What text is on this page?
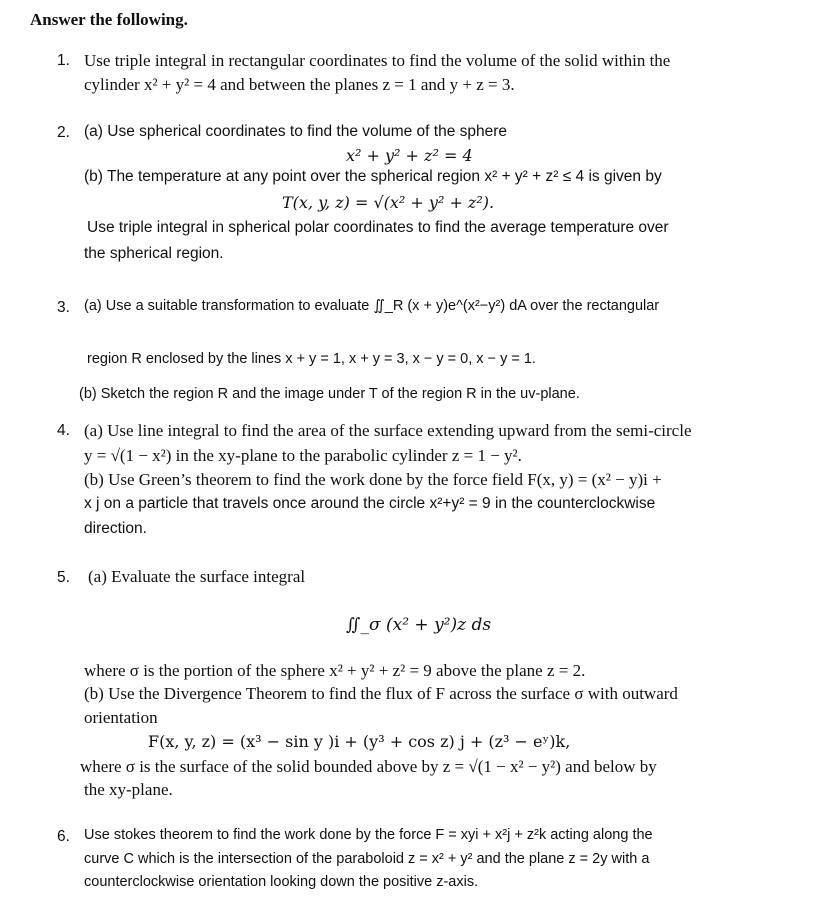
Answer the following.
1. Use triple integral in rectangular coordinates to find the volume of the solid within the
cylinder x² + y² = 4 and between the planes z = 1 and y + z = 3.
2. (a) Use spherical coordinates to find the volume of the sphere
x² + y² + z² = 4
(b) The temperature at any point over the spherical region x² + y² + z² ≤ 4 is given by
T(x, y, z) = √(x² + y² + z²).
Use triple integral in spherical polar coordinates to find the average temperature over
the spherical region.
3. (a) Use a suitable transformation to evaluate ∬_R (x + y)e^(x²−y²) dA over the rectangular
region R enclosed by the lines x + y = 1, x + y = 3, x − y = 0, x − y = 1.
(b) Sketch the region R and the image under T of the region R in the uv-plane.
4. (a) Use line integral to find the area of the surface extending upward from the semi-circle
y = √(1 − x²) in the xy-plane to the parabolic cylinder z = 1 − y².
(b) Use Green’s theorem to find the work done by the force field F(x, y) = (x² − y)i +
x j on a particle that travels once around the circle x²+y² = 9 in the counterclockwise
direction.
5. (a) Evaluate the surface integral
∬_σ (x² + y²)z ds
where σ is the portion of the sphere x² + y² + z² = 9 above the plane z = 2.
(b) Use the Divergence Theorem to find the flux of F across the surface σ with outward
orientation
F(x, y, z) = (x³ − sin y )i + (y³ + cos z) j + (z³ − eʸ)k,
where σ is the surface of the solid bounded above by z = √(1 − x² − y²) and below by
the xy-plane.
6. Use stokes theorem to find the work done by the force F = xyi + x²j + z²k acting along the
curve C which is the intersection of the paraboloid z = x² + y² and the plane z = 2y with a
counterclockwise orientation looking down the positive z-axis.
